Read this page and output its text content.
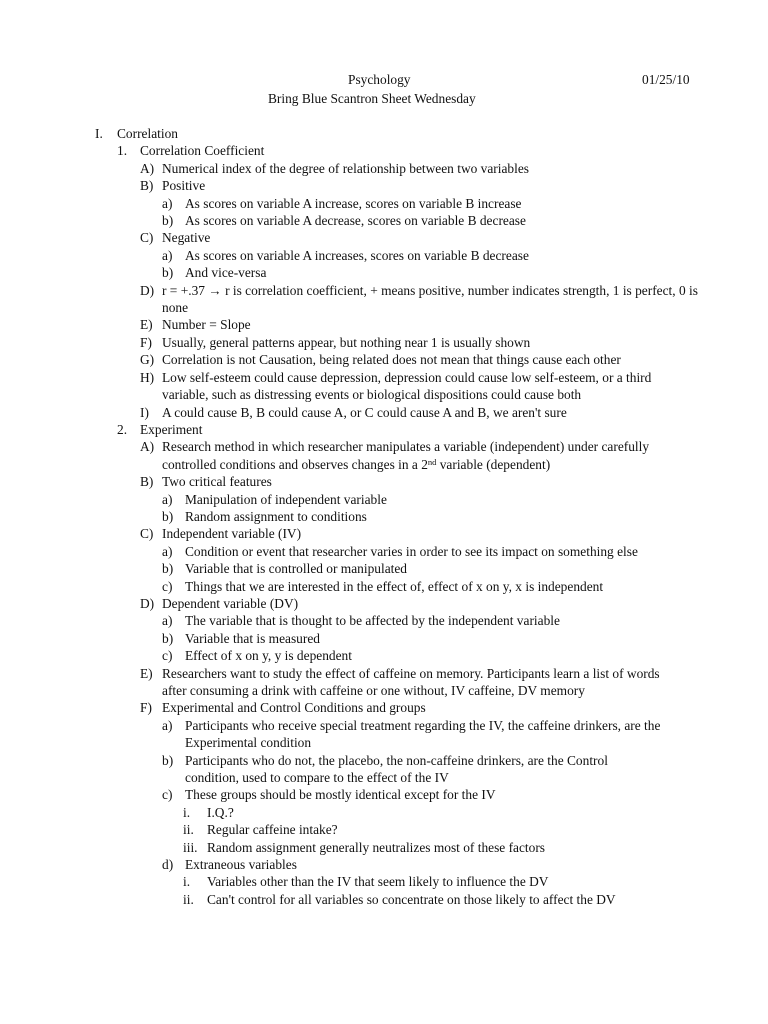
Psychology	01/25/10
Bring Blue Scantron Sheet Wednesday
I.	Correlation
1. Correlation Coefficient
A) Numerical index of the degree of relationship between two variables
B) Positive
a) As scores on variable A increase, scores on variable B increase
b) As scores on variable A decrease, scores on variable B decrease
C) Negative
a) As scores on variable A increases, scores on variable B decrease
b) And vice-versa
D) r = +.37 → r is correlation coefficient, + means positive, number indicates strength, 1 is perfect, 0 is none
E) Number = Slope
F) Usually, general patterns appear, but nothing near 1 is usually shown
G) Correlation is not Causation, being related does not mean that things cause each other
H) Low self-esteem could cause depression, depression could cause low self-esteem, or a third variable, such as distressing events or biological dispositions could cause both
I) A could cause B, B could cause A, or C could cause A and B, we aren't sure
2. Experiment
A) Research method in which researcher manipulates a variable (independent) under carefully controlled conditions and observes changes in a 2nd variable (dependent)
B) Two critical features
a) Manipulation of independent variable
b) Random assignment to conditions
C) Independent variable (IV)
a) Condition or event that researcher varies in order to see its impact on something else
b) Variable that is controlled or manipulated
c) Things that we are interested in the effect of, effect of x on y, x is independent
D) Dependent variable (DV)
a) The variable that is thought to be affected by the independent variable
b) Variable that is measured
c) Effect of x on y, y is dependent
E) Researchers want to study the effect of caffeine on memory. Participants learn a list of words after consuming a drink with caffeine or one without, IV caffeine, DV memory
F) Experimental and Control Conditions and groups
a) Participants who receive special treatment regarding the IV, the caffeine drinkers, are the Experimental condition
b) Participants who do not, the placebo, the non-caffeine drinkers, are the Control condition, used to compare to the effect of the IV
c) These groups should be mostly identical except for the IV
i.	I.Q.?
ii. Regular caffeine intake?
iii. Random assignment generally neutralizes most of these factors
d) Extraneous variables
i.	Variables other than the IV that seem likely to influence the DV
ii. Can't control for all variables so concentrate on those likely to affect the DV
